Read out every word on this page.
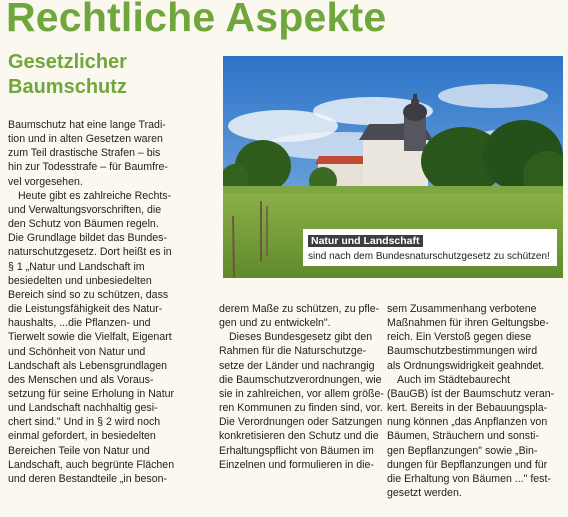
Rechtliche Aspekte
Gesetzlicher
Baumschutz
Natur und Landschaft
sind nach dem Bundesnaturschutzgesetz zu schützen!
Baumschutz hat eine lange Tradi-
tion und in alten Gesetzen waren
zum Teil drastische Strafen – bis
hin zur Todesstrafe – für Baumfre-
vel vorgesehen.
Heute gibt es zahlreiche Rechts-
und Verwaltungsvorschriften, die
den Schutz von Bäumen regeln.
Die Grundlage bildet das Bundes-
naturschutzgesetz. Dort heißt es in
§ 1 „Natur und Landschaft im
besiedelten und unbesiedelten
Bereich sind so zu schützen, dass
die Leistungsfähigkeit des Natur-
haushalts, ...die Pflanzen- und
Tierwelt sowie die Vielfalt, Eigenart
und Schönheit von Natur und
Landschaft als Lebensgrundlagen
des Menschen und als Voraus-
setzung für seine Erholung in Natur
und Landschaft nachhaltig gesi-
chert sind." Und in § 2 wird noch
einmal gefordert, in besiedelten
Bereichen Teile von Natur und
Landschaft, auch begrünte Flächen
und deren Bestandteile „in beson-
derem Maße zu schützen, zu pfle-
gen und zu entwickeln".
Dieses Bundesgesetz gibt den
Rahmen für die Naturschutzge-
setze der Länder und nachrangig
die Baumschutzverordnungen, wie
sie in zahlreichen, vor allem größe-
ren Kommunen zu finden sind, vor.
Die Verordnungen oder Satzungen
konkretisieren den Schutz und die
Erhaltungspflicht von Bäumen im
Einzelnen und formulieren in die-
sem Zusammenhang verbotene
Maßnahmen für ihren Geltungsbe-
reich. Ein Verstoß gegen diese
Baumschutzbestimmungen wird
als Ordnungswidrigkeit geahndet.
Auch im Städtebaurecht
(BauGB) ist der Baumschutz veran-
kert. Bereits in der Bebauungspla-
nung können „das Anpflanzen von
Bäumen, Sträuchern und sonsti-
gen Bepflanzungen" sowie „Bin-
dungen für Bepflanzungen und für
die Erhaltung von Bäumen ..." fest-
gesetzt werden.
